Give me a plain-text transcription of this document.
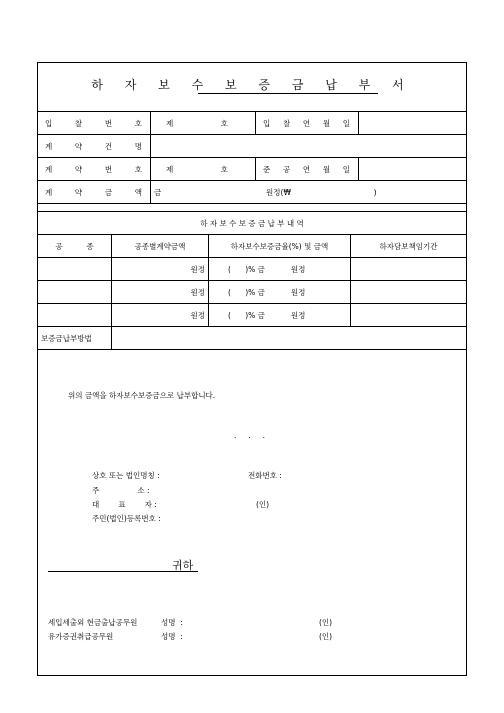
하 자 보 수 보 증 금 납 부 서
입 찰 번 호	제 호	입 찰 연 월 일	

계 약 건 명			

계 약 번 호	제 호	준 공 연 월 일	

계 약 금 액	금 원정(₩ )		
하 자 보 수 보 증 금 납 부 내 역			
공          종	공종별계약금액	하자보수보증금율(%) 및 금액	하자담보책임기간
	원정	(      )% 금 원정	
	원정	(      )% 금 원정	
	원정	(      )% 금 원정	
보증금납부방법			
위의 금액을 하자보수보증금으로 납부합니다.
.     .     .
상호 또는 법인명칭 :	전화번호 :
주                소 :
대        표        자 :	(인)
주민(법인)등록번호 :
귀하
세입세출외 현금출납공무원	성명  :	(인)
유가증권취급공무원	성명  :	(인)
